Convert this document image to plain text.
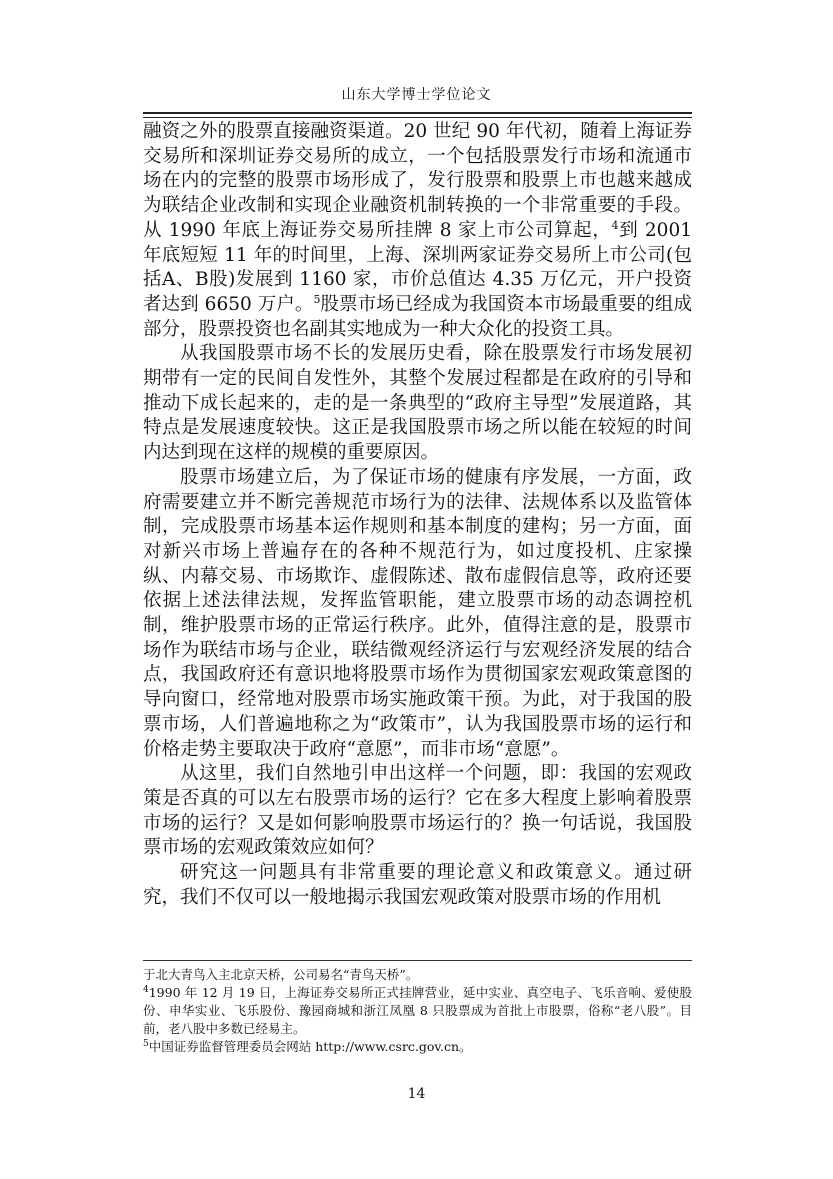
山东大学博士学位论文

融资之外的股票直接融资渠道。20 世纪 90 年代初，随着上海证券交易所和深圳证券交易所的成立，一个包括股票发行市场和流通市场在内的完整的股票市场形成了，发行股票和股票上市也越来越成为联结企业改制和实现企业融资机制转换的一个非常重要的手段。从 1990 年底上海证券交易所挂牌 8 家上市公司算起，$^4$到 2001 年底短短 11 年的时间里，上海、深圳两家证券交易所上市公司(包括A、B股)发展到 1160 家，市价总值达 4.35 万亿元，开户投资者达到 6650 万户。$^5$股票市场已经成为我国资本市场最重要的组成部分，股票投资也名副其实地成为一种大众化的投资工具。

从我国股票市场不长的发展历史看，除在股票发行市场发展初期带有一定的民间自发性外，其整个发展过程都是在政府的引导和推动下成长起来的，走的是一条典型的“政府主导型”发展道路，其特点是发展速度较快。这正是我国股票市场之所以能在较短的时间内达到现在这样的规模的重要原因。

股票市场建立后，为了保证市场的健康有序发展，一方面，政府需要建立并不断完善规范市场行为的法律、法规体系以及监管体制，完成股票市场基本运作规则和基本制度的建构；另一方面，面对新兴市场上普遍存在的各种不规范行为，如过度投机、庄家操纵、内幕交易、市场欺诈、虚假陈述、散布虚假信息等，政府还要依据上述法律法规，发挥监管职能，建立股票市场的动态调控机制，维护股票市场的正常运行秩序。此外，值得注意的是，股票市场作为联结市场与企业，联结微观经济运行与宏观经济发展的结合点，我国政府还有意识地将股票市场作为贯彻国家宏观政策意图的导向窗口，经常地对股票市场实施政策干预。为此，对于我国的股票市场，人们普遍地称之为“政策市”，认为我国股票市场的运行和价格走势主要取决于政府“意愿”，而非市场“意愿”。

从这里，我们自然地引申出这样一个问题，即：我国的宏观政策是否真的可以左右股票市场的运行？它在多大程度上影响着股票市场的运行？又是如何影响股票市场运行的？换一句话说，我国股票市场的宏观政策效应如何？

研究这一问题具有非常重要的理论意义和政策意义。通过研究，我们不仅可以一般地揭示我国宏观政策对股票市场的作用机

于北大青鸟入主北京天桥，公司易名“青鸟天桥”。

$^4$1990 年 12 月 19 日，上海证券交易所正式挂牌营业，延中实业、真空电子、飞乐音响、爱使股份、申华实业、飞乐股份、豫园商城和浙江凤凰 8 只股票成为首批上市股票，俗称“老八股”。目前，老八股中多数已经易主。

$^5$中国证券监督管理委员会网站 http://www.csrc.gov.cn。

14
